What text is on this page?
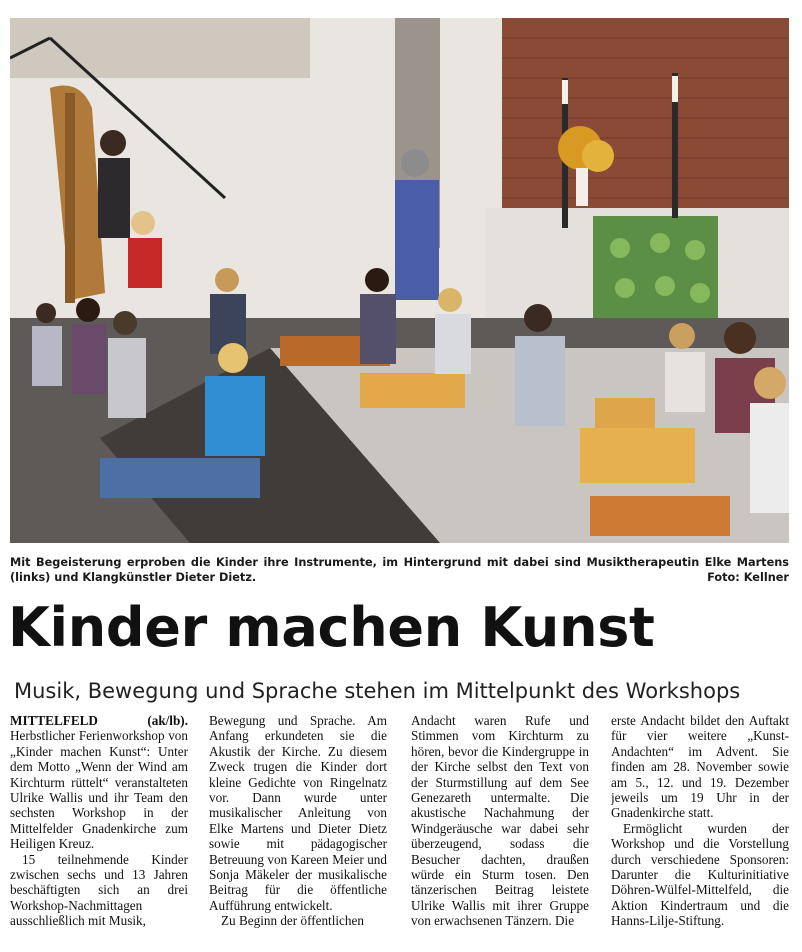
Mit Begeisterung erproben die Kinder ihre Instrumente, im Hintergrund mit dabei sind Musiktherapeutin Elke Martens (links) und Klangkünstler Dieter Dietz.	Foto: Kellner
Kinder machen Kunst
Musik, Bewegung und Sprache stehen im Mittelpunkt des Workshops

MITTELFELD	(ak/lb).

Herbstlicher Ferienworkshop von „Kinder machen Kunst“: Unter dem Motto „Wenn der Wind am Kirchturm rüttelt“ veranstalteten Ulrike Wallis und ihr Team den sechsten Workshop in der Mittelfelder Gnadenkirche zum Heiligen Kreuz.

15 teilnehmende Kinder zwischen sechs und 13 Jahren beschäftigten sich an drei Workshop-Nachmittagen ausschließlich mit Musik,

Bewegung und Sprache. Am Anfang erkundeten sie die Akustik der Kirche. Zu diesem Zweck trugen die Kinder dort kleine Gedichte von Ringelnatz vor. Dann wurde unter musikalischer Anleitung von Elke Martens und Dieter Dietz sowie mit pädagogischer Betreuung von Kareen Meier und Sonja Mäkeler der musikalische Beitrag für die öffentliche Aufführung entwickelt.

Zu Beginn der öffentlichen

Andacht waren Rufe und Stimmen vom Kirchturm zu hören, bevor die Kindergruppe in der Kirche selbst den Text von der Sturmstillung auf dem See Genezareth untermalte. Die akustische Nachahmung der Windgeräusche war dabei sehr überzeugend, sodass die Besucher dachten, draußen würde ein Sturm tosen. Den tänzerischen Beitrag leistete Ulrike Wallis mit ihrer Gruppe von erwachsenen Tänzern. Die

erste Andacht bildet den Auftakt für vier weitere „Kunst-Andachten“ im Advent. Sie finden am 28. November sowie am 5., 12. und 19. Dezember jeweils um 19 Uhr in der Gnadenkirche statt.

Ermöglicht wurden der Workshop und die Vorstellung durch verschiedene Sponsoren: Darunter die Kulturinitiative Döhren-Wülfel-Mittelfeld, die Aktion Kindertraum und die Hanns-Lilje-Stiftung.
